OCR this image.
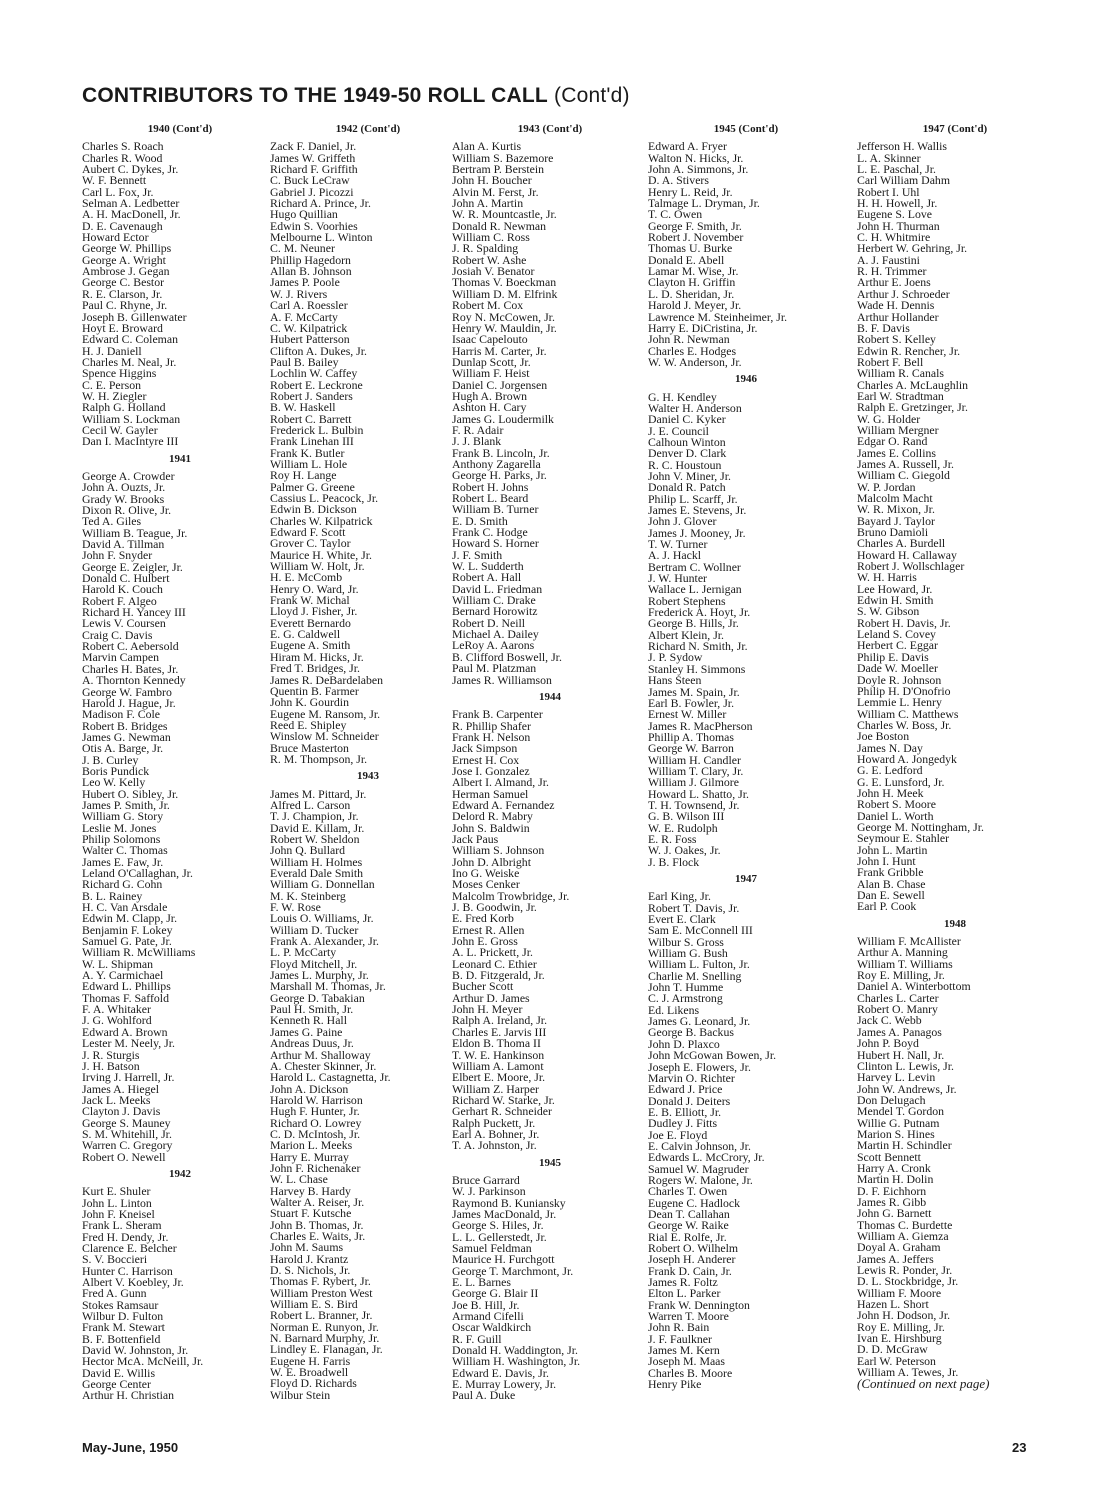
CONTRIBUTORS TO THE 1949-50 ROLL CALL (Cont'd)
1940 (Cont'd)
Charles S. Roach
Charles R. Wood
Aubert C. Dykes, Jr.
W. F. Bennett
Carl L. Fox, Jr.
Selman A. Ledbetter
A. H. MacDonell, Jr.
D. E. Cavenaugh
Howard Ector
George W. Phillips
George A. Wright
Ambrose J. Gegan
George C. Bestor
R. E. Clarson, Jr.
Paul C. Rhyne, Jr.
Joseph B. Gillenwater
Hoyt E. Broward
Edward C. Coleman
H. J. Daniell
Charles M. Neal, Jr.
Spence Higgins
C. E. Person
W. H. Ziegler
Ralph G. Holland
William S. Lockman
Cecil W. Gayler
Dan I. MacIntyre III
1941
George A. Crowder
John A. Ouzts, Jr.
Grady W. Brooks
Dixon R. Olive, Jr.
Ted A. Giles
William B. Teague, Jr.
David A. Tillman
John F. Snyder
George E. Zeigler, Jr.
Donald C. Hulbert
Harold K. Couch
Robert F. Algeo
Richard H. Yancey III
Lewis V. Coursen
Craig C. Davis
Robert C. Aebersold
Marvin Campen
Charles H. Bates, Jr.
A. Thornton Kennedy
George W. Fambro
Harold J. Hague, Jr.
Madison F. Cole
Robert B. Bridges
James G. Newman
Otis A. Barge, Jr.
J. B. Curley
Boris Pundick
Leo W. Kelly
Hubert O. Sibley, Jr.
James P. Smith, Jr.
William G. Story
Leslie M. Jones
Philip Solomons
Walter C. Thomas
James E. Faw, Jr.
Leland O'Callaghan, Jr.
Richard G. Cohn
B. L. Rainey
H. C. Van Arsdale
Edwin M. Clapp, Jr.
Benjamin F. Lokey
Samuel G. Pate, Jr.
William R. McWilliams
W. L. Shipman
A. Y. Carmichael
Edward L. Phillips
Thomas F. Saffold
F. A. Whitaker
J. G. Wohlford
Edward A. Brown
Lester M. Neely, Jr.
J. R. Sturgis
J. H. Batson
Irving J. Harrell, Jr.
James A. Hiegel
Jack L. Meeks
Clayton J. Davis
George S. Mauney
S. M. Whitehill, Jr.
Warren C. Gregory
Robert O. Newell
1942
Kurt E. Shuler
John L. Linton
John F. Kneisel
Frank L. Sheram
Fred H. Dendy, Jr.
Clarence E. Belcher
S. V. Boccieri
Hunter C. Harrison
Albert V. Koebley, Jr.
Fred A. Gunn
Stokes Ramsaur
Wilbur D. Fulton
Frank M. Stewart
B. F. Bottenfield
David W. Johnston, Jr.
Hector McA. McNeill, Jr.
David E. Willis
George Center
Arthur H. Christian
1942 (Cont'd)
Zack F. Daniel, Jr.
James W. Griffeth
Richard F. Griffith
C. Buck LeCraw
Gabriel J. Picozzi
Richard A. Prince, Jr.
Hugo Quillian
Edwin S. Voorhies
Melbourne L. Winton
C. M. Neuner
Phillip Hagedorn
Allan B. Johnson
James P. Poole
W. J. Rivers
Carl A. Roessler
A. F. McCarty
C. W. Kilpatrick
Hubert Patterson
Clifton A. Dukes, Jr.
Paul B. Bailey
Lochlin W. Caffey
Robert E. Leckrone
Robert J. Sanders
B. W. Haskell
Robert C. Barrett
Frederick L. Bulbin
Frank Linehan III
Frank K. Butler
William L. Hole
Roy H. Lange
Palmer G. Greene
Cassius L. Peacock, Jr.
Edwin B. Dickson
Charles W. Kilpatrick
Edward F. Scott
Grover C. Taylor
Maurice H. White, Jr.
William W. Holt, Jr.
H. E. McComb
Henry O. Ward, Jr.
Frank W. Michal
Lloyd J. Fisher, Jr.
Everett Bernardo
E. G. Caldwell
Eugene A. Smith
Hiram M. Hicks, Jr.
Fred T. Bridges, Jr.
James R. DeBardelaben
Quentin B. Farmer
John K. Gourdin
Eugene M. Ransom, Jr.
Reed E. Shipley
Winslow M. Schneider
Bruce Masterton
R. M. Thompson, Jr.
1943
James M. Pittard, Jr.
Alfred L. Carson
T. J. Champion, Jr.
David E. Killam, Jr.
Robert W. Sheldon
John Q. Bullard
William H. Holmes
Everald Dale Smith
William G. Donnellan
M. K. Steinberg
F. W. Rose
Louis O. Williams, Jr.
William D. Tucker
Frank A. Alexander, Jr.
L. P. McCarty
Floyd Mitchell, Jr.
James L. Murphy, Jr.
Marshall M. Thomas, Jr.
George D. Tabakian
Paul H. Smith, Jr.
Kenneth R. Hall
James G. Paine
Andreas Duus, Jr.
Arthur M. Shalloway
A. Chester Skinner, Jr.
Harold L. Castagnetta, Jr.
John A. Dickson
Harold W. Harrison
Hugh F. Hunter, Jr.
Richard O. Lowrey
C. D. McIntosh, Jr.
Marion L. Meeks
Harry E. Murray
John F. Richenaker
W. L. Chase
Harvey B. Hardy
Walter A. Reiser, Jr.
Stuart F. Kutsche
John B. Thomas, Jr.
Charles E. Waits, Jr.
John M. Saums
Harold J. Krantz
D. S. Nichols, Jr.
Thomas F. Rybert, Jr.
William Preston West
William E. S. Bird
Robert L. Branner, Jr.
Norman E. Runyon, Jr.
N. Barnard Murphy, Jr.
Lindley E. Flanagan, Jr.
Eugene H. Farris
W. E. Broadwell
Floyd D. Richards
Wilbur Stein
1943 (Cont'd)
Alan A. Kurtis
William S. Bazemore
Bertram P. Berstein
John H. Boucher
Alvin M. Ferst, Jr.
John A. Martin
W. R. Mountcastle, Jr.
Donald R. Newman
William C. Ross
J. R. Spalding
Robert W. Ashe
Josiah V. Benator
Thomas V. Boeckman
William D. M. Elfrink
Robert M. Cox
Roy N. McCowen, Jr.
Henry W. Mauldin, Jr.
Isaac Capelouto
Harris M. Carter, Jr.
Dunlap Scott, Jr.
William F. Heist
Daniel C. Jorgensen
Hugh A. Brown
Ashton H. Cary
James G. Loudermilk
F. R. Adair
J. J. Blank
Frank B. Lincoln, Jr.
Anthony Zagarella
George H. Parks, Jr.
Robert H. Johns
Robert L. Beard
William B. Turner
E. D. Smith
Frank C. Hodge
Howard S. Horner
J. F. Smith
W. L. Sudderth
Robert A. Hall
David L. Friedman
William C. Drake
Bernard Horowitz
Robert D. Neill
Michael A. Dailey
LeRoy A. Aarons
B. Clifford Boswell, Jr.
Paul M. Platzman
James R. Williamson
1944
Frank B. Carpenter
R. Phillip Shafer
Frank H. Nelson
Jack Simpson
Ernest H. Cox
Jose I. Gonzalez
Albert I. Almand, Jr.
Herman Samuel
Edward A. Fernandez
Delord R. Mabry
John S. Baldwin
Jack Paus
William S. Johnson
John D. Albright
Ino G. Weiske
Moses Cenker
Malcolm Trowbridge, Jr.
J. B. Goodwin, Jr.
E. Fred Korb
Ernest R. Allen
John E. Gross
A. L. Prickett, Jr.
Leonard C. Ethier
B. D. Fitzgerald, Jr.
Bucher Scott
Arthur D. James
John H. Meyer
Ralph A. Ireland, Jr.
Charles E. Jarvis III
Eldon B. Thoma II
T. W. E. Hankinson
William A. Lamont
Elbert E. Moore, Jr.
William Z. Harper
Richard W. Starke, Jr.
Gerhart R. Schneider
Ralph Puckett, Jr.
Earl A. Bohner, Jr.
T. A. Johnston, Jr.
1945
Bruce Garrard
W. J. Parkinson
Raymond B. Kuniansky
James MacDonald, Jr.
George S. Hiles, Jr.
L. L. Gellerstedt, Jr.
Samuel Feldman
Maurice H. Furchgott
George T. Marchmont, Jr.
E. L. Barnes
George G. Blair II
Joe B. Hill, Jr.
Armand Cifelli
Oscar Waldkirch
R. F. Guill
Donald H. Waddington, Jr.
William H. Washington, Jr.
Edward E. Davis, Jr.
E. Murray Lowery, Jr.
Paul A. Duke
1945 (Cont'd)
Edward A. Fryer
Walton N. Hicks, Jr.
John A. Simmons, Jr.
D. A. Stivers
Henry L. Reid, Jr.
Talmage L. Dryman, Jr.
T. C. Owen
George F. Smith, Jr.
Robert J. November
Thomas U. Burke
Donald E. Abell
Lamar M. Wise, Jr.
Clayton H. Griffin
L. D. Sheridan, Jr.
Harold J. Meyer, Jr.
Lawrence M. Steinheimer, Jr.
Harry E. DiCristina, Jr.
John R. Newman
Charles E. Hodges
W. W. Anderson, Jr.
1946
G. H. Kendley
Walter H. Anderson
Daniel C. Kyker
J. E. Council
Calhoun Winton
Denver D. Clark
R. C. Houstoun
John V. Miner, Jr.
Donald R. Patch
Philip L. Scarff, Jr.
James E. Stevens, Jr.
John J. Glover
James J. Mooney, Jr.
T. W. Turner
A. J. Hackl
Bertram C. Wollner
J. W. Hunter
Wallace L. Jernigan
Robert Stephens
Frederick A. Hoyt, Jr.
George B. Hills, Jr.
Albert Klein, Jr.
Richard N. Smith, Jr.
J. P. Sydow
Stanley H. Simmons
Hans Steen
James M. Spain, Jr.
Earl B. Fowler, Jr.
Ernest W. Miller
James R. MacPherson
Phillip A. Thomas
George W. Barron
William H. Candler
William T. Clary, Jr.
William J. Gilmore
Howard L. Shatto, Jr.
T. H. Townsend, Jr.
G. B. Wilson III
W. E. Rudolph
E. R. Foss
W. J. Oakes, Jr.
J. B. Flock
1947
Earl King, Jr.
Robert T. Davis, Jr.
Evert E. Clark
Sam E. McConnell III
Wilbur S. Gross
William G. Bush
William L. Fulton, Jr.
Charlie M. Snelling
John T. Humme
C. J. Armstrong
Ed. Likens
James G. Leonard, Jr.
George B. Backus
John D. Plaxco
John McGowan Bowen, Jr.
Joseph E. Flowers, Jr.
Marvin O. Richter
Edward J. Price
Donald J. Deiters
E. B. Elliott, Jr.
Dudley J. Fitts
Joe E. Floyd
E. Calvin Johnson, Jr.
Edwards L. McCrory, Jr.
Samuel W. Magruder
Rogers W. Malone, Jr.
Charles T. Owen
Eugene C. Hadlock
Dean T. Callahan
George W. Raike
Rial E. Rolfe, Jr.
Robert O. Wilhelm
Joseph H. Anderer
Frank D. Cain, Jr.
James R. Foltz
Elton L. Parker
Frank W. Dennington
Warren T. Moore
John R. Bain
J. F. Faulkner
James M. Kern
Joseph M. Maas
Charles B. Moore
Henry Pike
1947 (Cont'd)
Jefferson H. Wallis
L. A. Skinner
L. E. Paschal, Jr.
Carl William Dahm
Robert I. Uhl
H. H. Howell, Jr.
Eugene S. Love
John H. Thurman
C. H. Whitmire
Herbert W. Gehring, Jr.
A. J. Faustini
R. H. Trimmer
Arthur E. Joens
Arthur J. Schroeder
Wade H. Dennis
Arthur Hollander
B. F. Davis
Robert S. Kelley
Edwin R. Rencher, Jr.
Robert F. Bell
William R. Canals
Charles A. McLaughlin
Earl W. Stradtman
Ralph E. Gretzinger, Jr.
W. G. Holder
William Mergner
Edgar O. Rand
James E. Collins
James A. Russell, Jr.
William C. Giegold
W. P. Jordan
Malcolm Macht
W. R. Mixon, Jr.
Bayard J. Taylor
Bruno Damioli
Charles A. Burdell
Howard H. Callaway
Robert J. Wollschlager
W. H. Harris
Lee Howard, Jr.
Edwin H. Smith
S. W. Gibson
Robert H. Davis, Jr.
Leland S. Covey
Herbert C. Eggar
Philip E. Davis
Dade W. Moeller
Doyle R. Johnson
Philip H. D'Onofrio
Lemmie L. Henry
William C. Matthews
Charles W. Boss, Jr.
Joe Boston
James N. Day
Howard A. Jongedyk
G. E. Ledford
G. E. Lunsford, Jr.
John H. Meek
Robert S. Moore
Daniel L. Worth
George M. Nottingham, Jr.
Seymour E. Stahler
John L. Martin
John I. Hunt
Frank Gribble
Alan B. Chase
Dan E. Sewell
Earl P. Cook
1948
William F. McAllister
Arthur A. Manning
William T. Williams
Roy E. Milling, Jr.
Daniel A. Winterbottom
Charles L. Carter
Robert O. Manry
Jack C. Webb
James A. Panagos
John P. Boyd
Hubert H. Nall, Jr.
Clinton L. Lewis, Jr.
Harvey L. Levin
John W. Andrews, Jr.
Don Delugach
Mendel T. Gordon
Willie G. Putnam
Marion S. Hines
Martin H. Schindler
Scott Bennett
Harry A. Cronk
Martin H. Dolin
D. F. Eichhorn
James R. Gibb
John G. Barnett
Thomas C. Burdette
William A. Giemza
Doyal A. Graham
James A. Jeffers
Lewis R. Ponder, Jr.
D. L. Stockbridge, Jr.
William F. Moore
Hazen L. Short
John H. Dodson, Jr.
Roy E. Milling, Jr.
Ivan E. Hirshburg
D. D. McGraw
Earl W. Peterson
William A. Tewes, Jr.
(Continued on next page)
May-June, 1950	23
